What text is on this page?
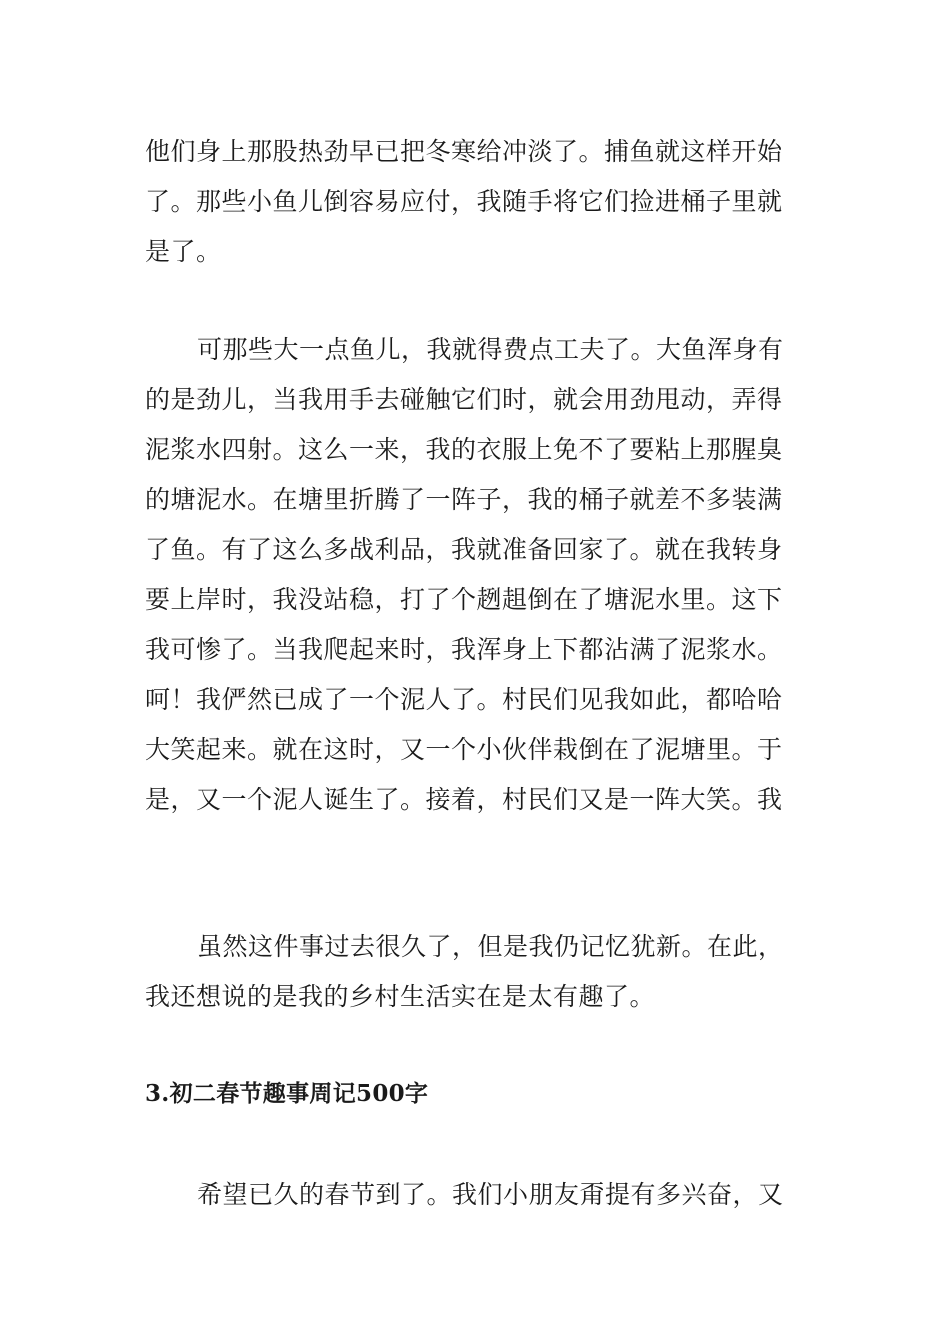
他们身上那股热劲早已把冬寒给冲淡了。捕鱼就这样开始

了。那些小鱼儿倒容易应付，我随手将它们捡进桶子里就

是了。

可那些大一点鱼儿，我就得费点工夫了。大鱼浑身有

的是劲儿，当我用手去碰触它们时，就会用劲甩动，弄得

泥浆水四射。这么一来，我的衣服上免不了要粘上那腥臭

的塘泥水。在塘里折腾了一阵子，我的桶子就差不多装满

了鱼。有了这么多战利品，我就准备回家了。就在我转身

要上岸时，我没站稳，打了个趔趄倒在了塘泥水里。这下

我可惨了。当我爬起来时，我浑身上下都沾满了泥浆水。

呵！我俨然已成了一个泥人了。村民们见我如此，都哈哈

大笑起来。就在这时，又一个小伙伴栽倒在了泥塘里。于

是，又一个泥人诞生了。接着，村民们又是一阵大笑。我

虽然这件事过去很久了，但是我仍记忆犹新。在此，

我还想说的是我的乡村生活实在是太有趣了。

3.初二春节趣事周记500字

希望已久的春节到了。我们小朋友甭提有多兴奋，又
